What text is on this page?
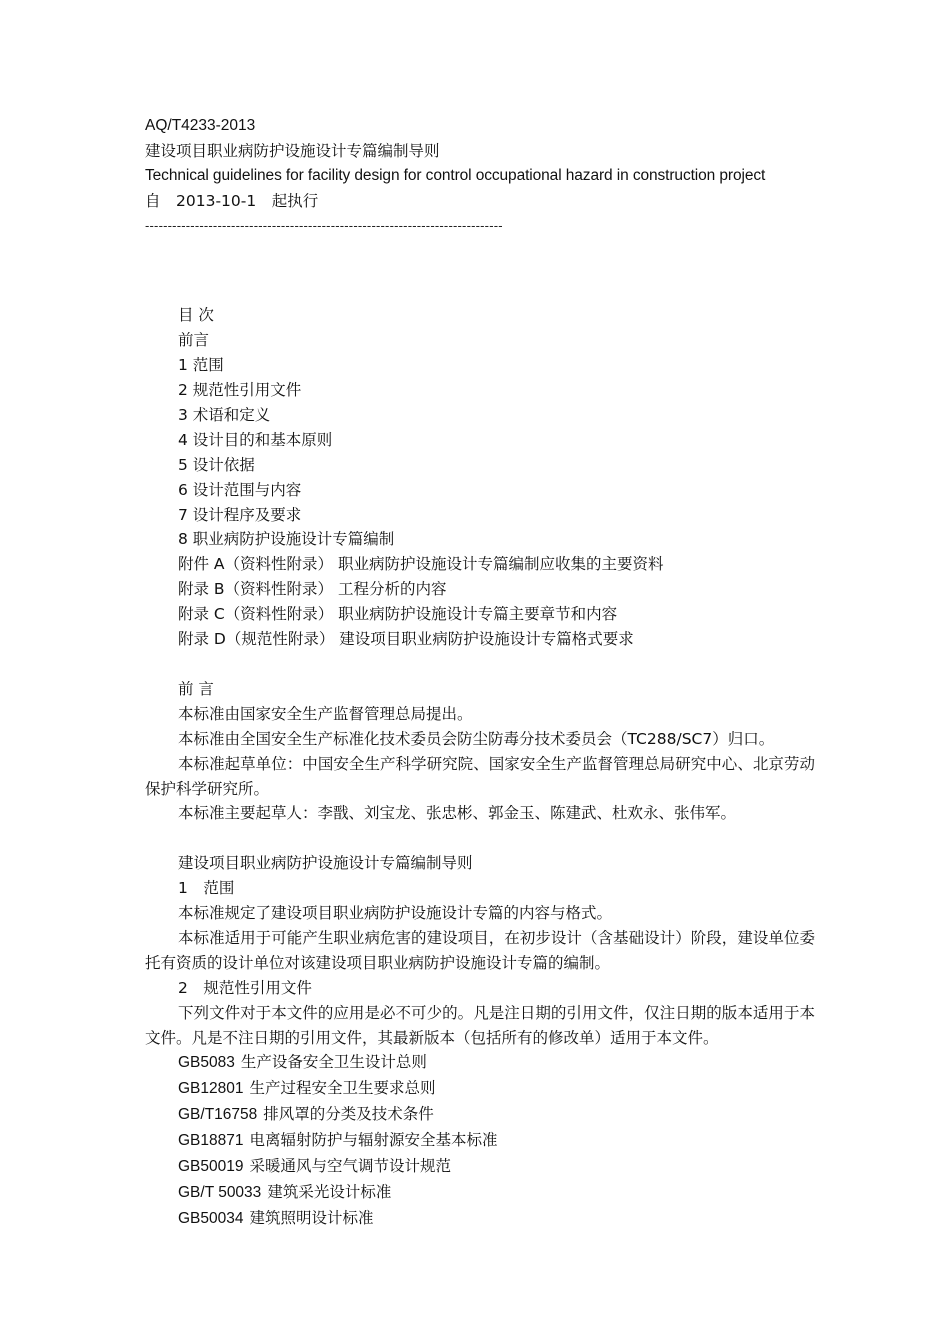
AQ/T4233-2013
建设项目职业病防护设施设计专篇编制导则
Technical guidelines for facility design for control occupational hazard in construction project
自　2013-10-1　起执行
-------------------------------------------------------------------------------
目 次
前言
1 范围
2 规范性引用文件
3 术语和定义
4 设计目的和基本原则
5 设计依据
6 设计范围与内容
7 设计程序及要求
8 职业病防护设施设计专篇编制
附件 A（资料性附录） 职业病防护设施设计专篇编制应收集的主要资料
附录 B（资料性附录） 工程分析的内容
附录 C（资料性附录） 职业病防护设施设计专篇主要章节和内容
附录 D（规范性附录） 建设项目职业病防护设施设计专篇格式要求
前 言
本标准由国家安全生产监督管理总局提出。
本标准由全国安全生产标准化技术委员会防尘防毒分技术委员会（TC288/SC7）归口。
本标准起草单位：中国安全生产科学研究院、国家安全生产监督管理总局研究中心、北京劳动保护科学研究所。
本标准主要起草人：李戬、刘宝龙、张忠彬、郭金玉、陈建武、杜欢永、张伟军。
建设项目职业病防护设施设计专篇编制导则
1　范围
本标准规定了建设项目职业病防护设施设计专篇的内容与格式。
本标准适用于可能产生职业病危害的建设项目，在初步设计（含基础设计）阶段，建设单位委托有资质的设计单位对该建设项目职业病防护设施设计专篇的编制。
2　规范性引用文件
下列文件对于本文件的应用是必不可少的。凡是注日期的引用文件，仅注日期的版本适用于本文件。凡是不注日期的引用文件，其最新版本（包括所有的修改单）适用于本文件。
GB5083 生产设备安全卫生设计总则
GB12801 生产过程安全卫生要求总则
GB/T16758 排风罩的分类及技术条件
GB18871 电离辐射防护与辐射源安全基本标准
GB50019 采暖通风与空气调节设计规范
GB/T 50033 建筑采光设计标准
GB50034 建筑照明设计标准
